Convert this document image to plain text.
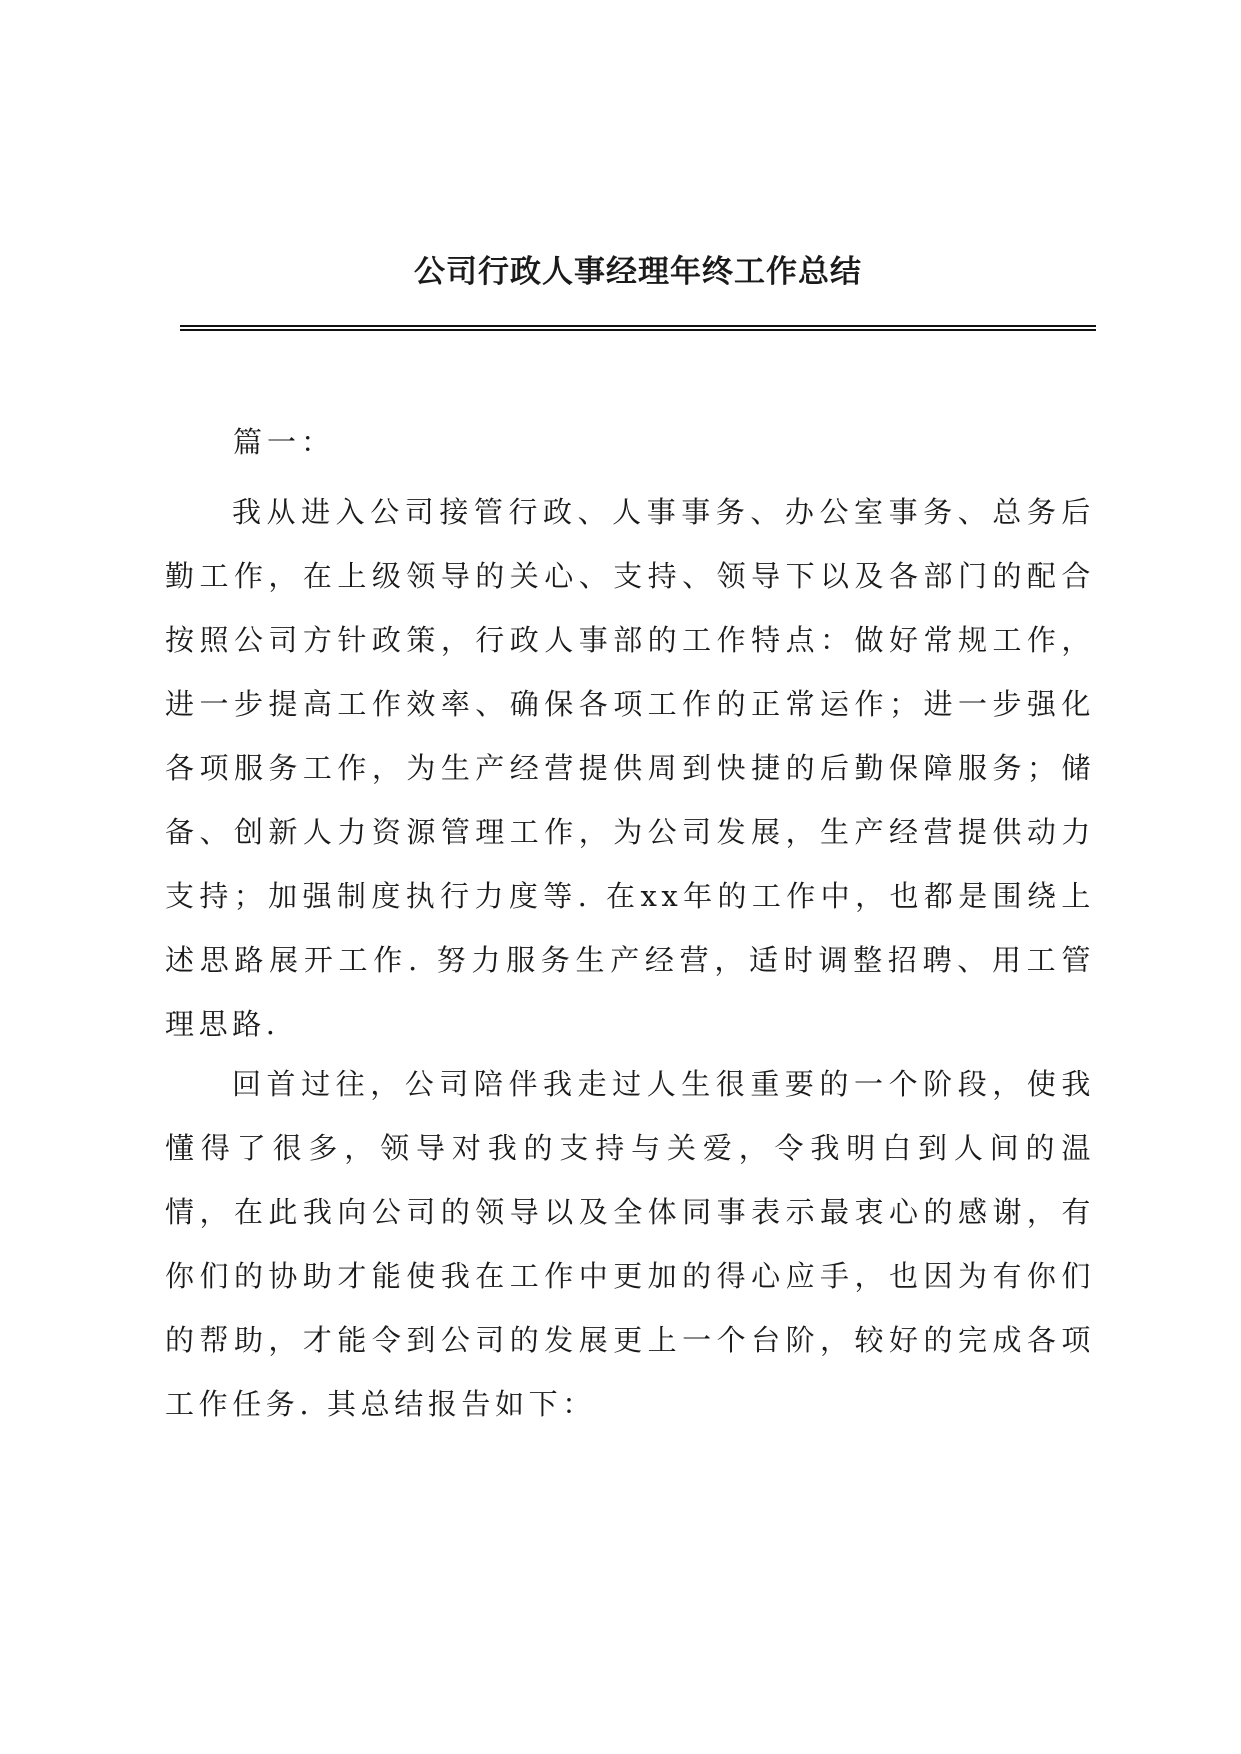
公司行政人事经理年终工作总结

篇一：

我从进入公司接管行政、人事事务、办公室事务、总务后勤工作，在上级领导的关心、支持、领导下以及各部门的配合按照公司方针政策，行政人事部的工作特点：做好常规工作，进一步提高工作效率、确保各项工作的正常运作；进一步强化各项服务工作，为生产经营提供周到快捷的后勤保障服务；储备、创新人力资源管理工作，为公司发展，生产经营提供动力支持；加强制度执行力度等. 在xx年的工作中，也都是围绕上述思路展开工作. 努力服务生产经营，适时调整招聘、用工管理思路.

回首过往，公司陪伴我走过人生很重要的一个阶段，使我懂得了很多，领导对我的支持与关爱，令我明白到人间的温情，在此我向公司的领导以及全体同事表示最衷心的感谢，有你们的协助才能使我在工作中更加的得心应手，也因为有你们的帮助，才能令到公司的发展更上一个台阶，较好的完成各项工作任务. 其总结报告如下：
